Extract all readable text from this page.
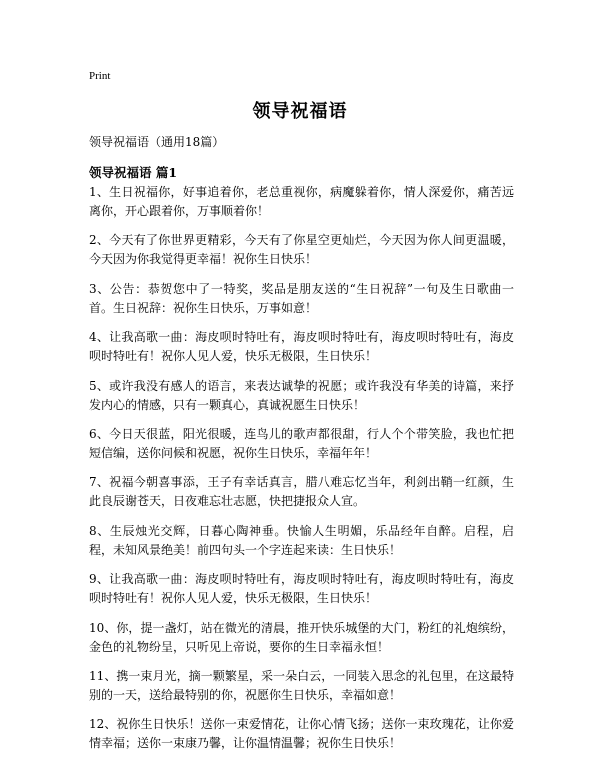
Print
领导祝福语

领导祝福语（通用18篇）

领导祝福语 篇1
1、生日祝福你，好事追着你，老总重视你，病魔躲着你，情人深爱你，痛苦远离你，开心跟着你，万事顺着你！
2、今天有了你世界更精彩，今天有了你星空更灿烂，今天因为你人间更温暖，今天因为你我觉得更幸福！祝你生日快乐！
3、公告：恭贺您中了一特奖，奖品是朋友送的“生日祝辞”一句及生日歌曲一首。生日祝辞：祝你生日快乐，万事如意！
4、让我高歌一曲：海皮呗时特吐有，海皮呗时特吐有，海皮呗时特吐有，海皮呗时特吐有！祝你人见人爱，快乐无极限，生日快乐！
5、或许我没有感人的语言，来表达诚挚的祝愿；或许我没有华美的诗篇，来抒发内心的情感，只有一颗真心，真诚祝愿生日快乐！
6、今日天很蓝，阳光很暖，连鸟儿的歌声都很甜，行人个个带笑脸，我也忙把短信编，送你问候和祝愿，祝你生日快乐，幸福年年！
7、祝福今朝喜事添，王子有幸话真言，腊八难忘忆当年，利剑出鞘一红颜，生此良辰谢苍天，日夜难忘壮志愿，快把捷报众人宣。
8、生辰烛光交辉，日暮心陶神垂。快愉人生明媚，乐品经年自醉。启程，启程，未知风景绝美！前四句头一个字连起来读：生日快乐！
9、让我高歌一曲：海皮呗时特吐有，海皮呗时特吐有，海皮呗时特吐有，海皮呗时特吐有！祝你人见人爱，快乐无极限，生日快乐！
10、你，提一盏灯，站在微光的清晨，推开快乐城堡的大门，粉红的礼炮缤纷，金色的礼物纷呈，只听见上帝说，要你的生日幸福永恒！
11、携一束月光，摘一颗繁星，采一朵白云，一同装入思念的礼包里，在这最特别的一天，送给最特别的你，祝愿你生日快乐，幸福如意！
12、祝你生日快乐！送你一束爱情花，让你心情飞扬；送你一束玫瑰花，让你爱情幸福；送你一束康乃馨，让你温情温馨；祝你生日快乐！
